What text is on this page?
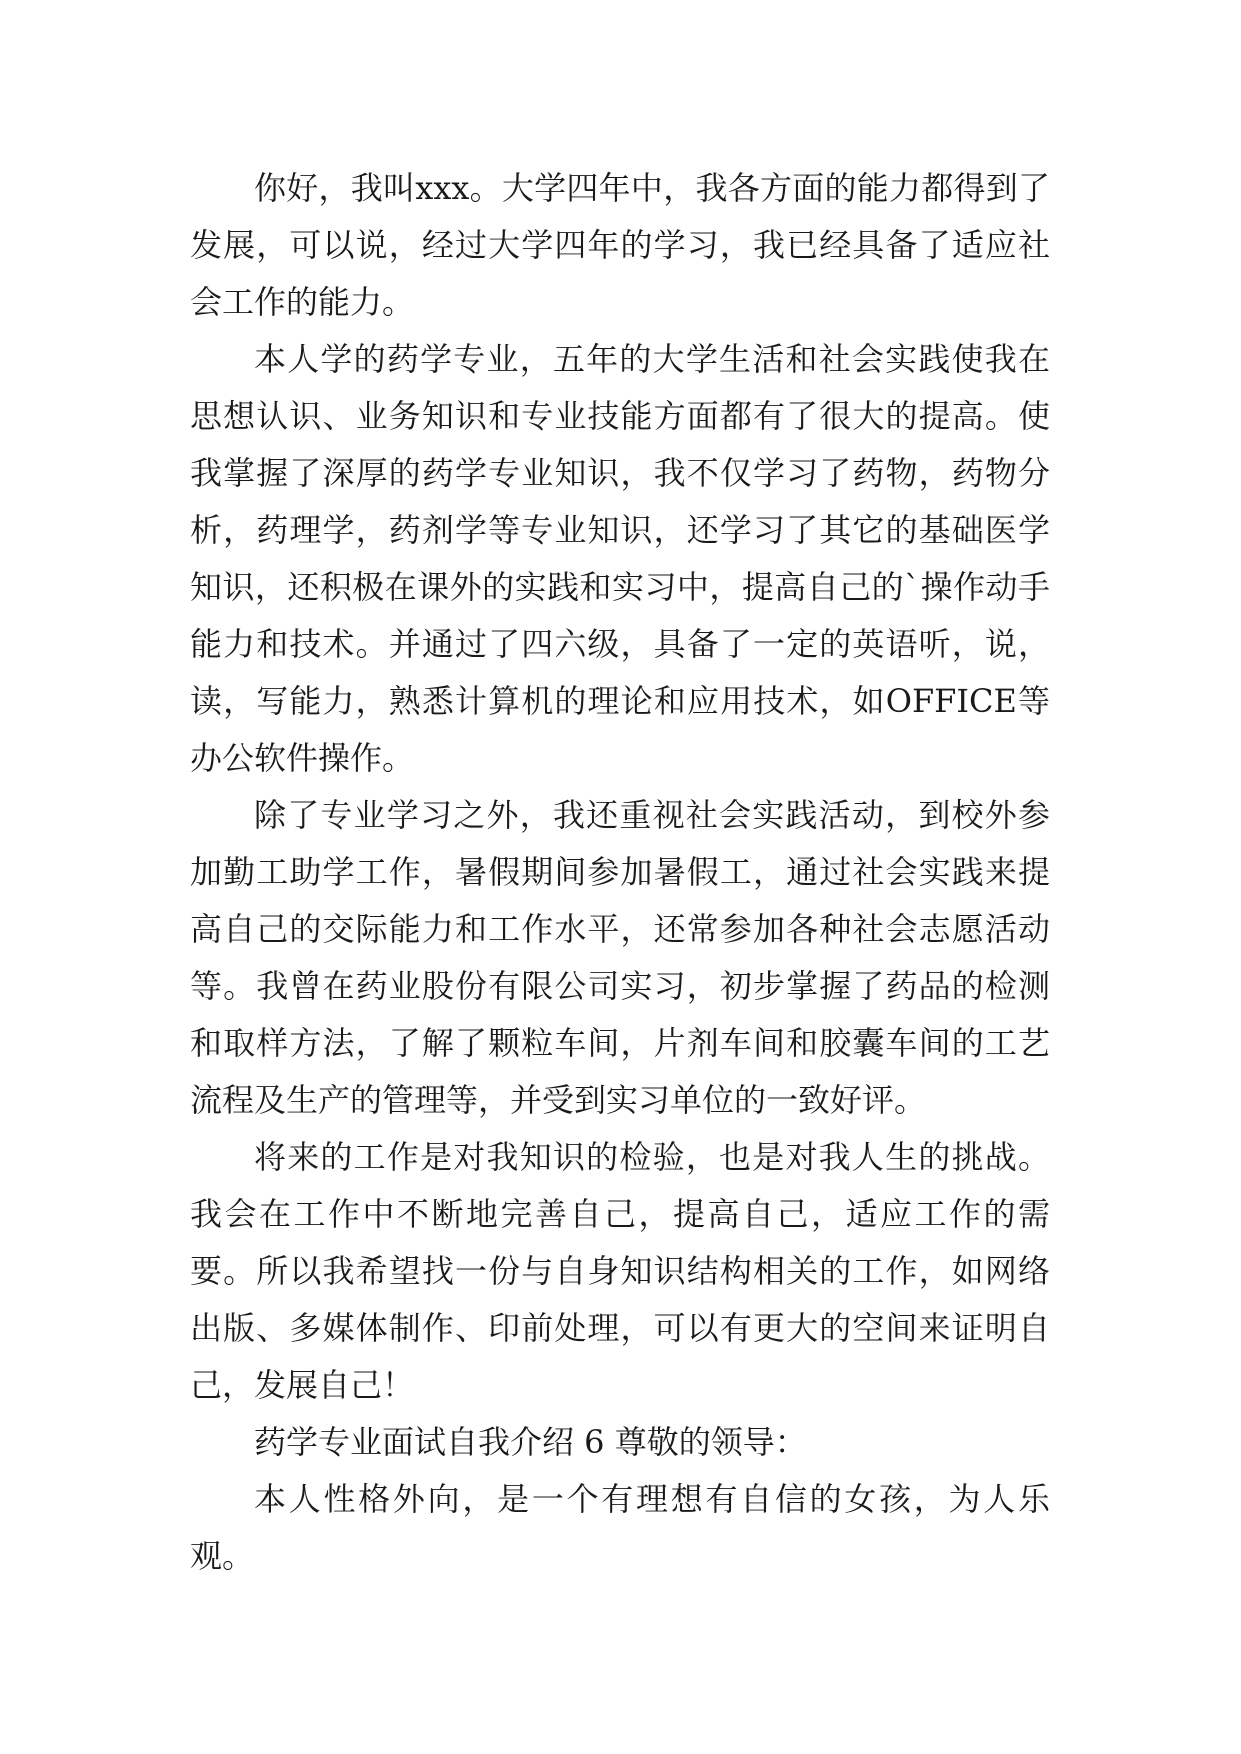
你好，我叫xxx。大学四年中，我各方面的能力都得到了发展，可以说，经过大学四年的学习，我已经具备了适应社会工作的能力。

本人学的药学专业，五年的大学生活和社会实践使我在思想认识、业务知识和专业技能方面都有了很大的提高。使我掌握了深厚的药学专业知识，我不仅学习了药物，药物分析，药理学，药剂学等专业知识，还学习了其它的基础医学知识，还积极在课外的实践和实习中，提高自己的`操作动手能力和技术。并通过了四六级，具备了一定的英语听，说，读，写能力，熟悉计算机的理论和应用技术，如OFFICE等办公软件操作。

除了专业学习之外，我还重视社会实践活动，到校外参加勤工助学工作，暑假期间参加暑假工，通过社会实践来提高自己的交际能力和工作水平，还常参加各种社会志愿活动等。我曾在药业股份有限公司实习，初步掌握了药品的检测和取样方法，了解了颗粒车间，片剂车间和胶囊车间的工艺流程及生产的管理等，并受到实习单位的一致好评。

将来的工作是对我知识的检验，也是对我人生的挑战。我会在工作中不断地完善自己，提高自己，适应工作的需要。所以我希望找一份与自身知识结构相关的工作，如网络出版、多媒体制作、印前处理，可以有更大的空间来证明自己，发展自己！

药学专业面试自我介绍 6 尊敬的领导：

本人性格外向，是一个有理想有自信的女孩，为人乐观。
